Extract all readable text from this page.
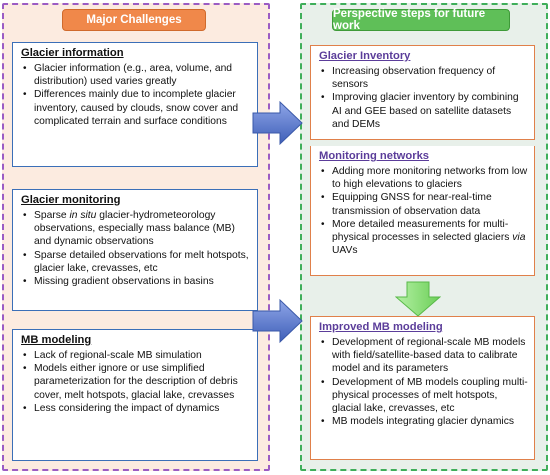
Major Challenges
Glacier information
• Glacier information (e.g., area, volume, and distribution) used varies greatly
• Differences mainly due to incomplete glacier inventory, caused by clouds, snow cover and complicated terrain and surface conditions
Glacier monitoring
• Sparse in situ glacier-hydrometeorology observations, especially mass balance (MB) and dynamic observations
• Sparse detailed observations for melt hotspots, glacier lake, crevasses, etc
• Missing gradient observations in basins
MB modeling
• Lack of regional-scale MB simulation
• Models either ignore or use simplified parameterization for the description of debris cover, melt hotspots, glacial lake, crevasses
• Less considering the impact of dynamics
Perspective steps for future work
Glacier Inventory
• Increasing observation frequency of sensors
• Improving glacier inventory by combining AI and GEE based on satellite datasets and DEMs
Monitoring networks
• Adding more monitoring networks from low to high elevations to glaciers
• Equipping GNSS for near-real-time transmission of observation data
• More detailed measurements for multi-physical processes in selected glaciers via UAVs
Improved MB modeling
• Development of regional-scale MB models with field/satellite-based data to calibrate model and its parameters
• Development of MB models coupling multi-physical processes of melt hotspots, glacial lake, crevasses, etc
• MB models integrating glacier dynamics
